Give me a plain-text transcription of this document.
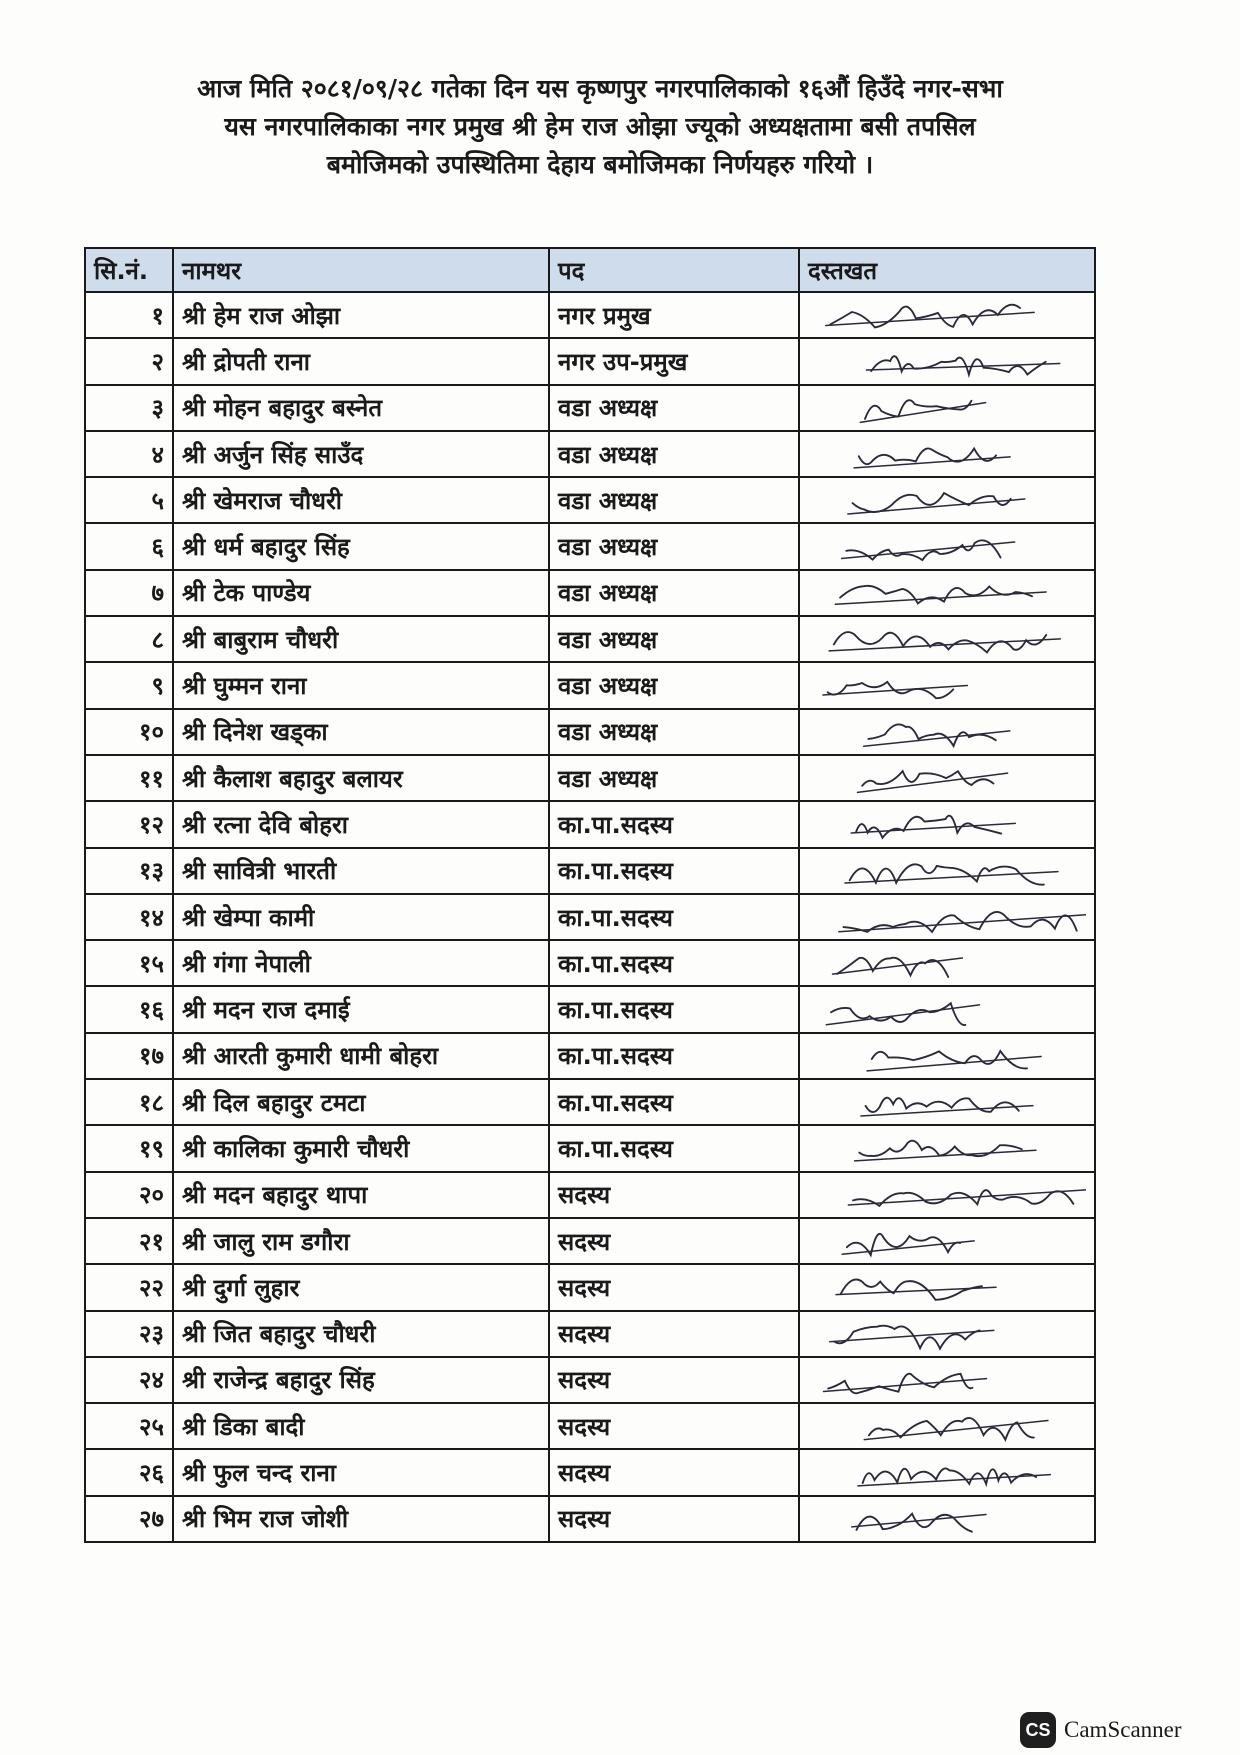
आज मिति २०८१/०९/२८ गतेका दिन यस कृष्णपुर नगरपालिकाको १६औं हिउँदे नगर-सभा
यस नगरपालिकाका नगर प्रमुख श्री हेम राज ओझा ज्यूको अध्यक्षतामा बसी तपसिल
बमोजिमको उपस्थितिमा देहाय बमोजिमका निर्णयहरु गरियो ।
सि.नं.	नामथर	पद	दस्तखत
१	श्री हेम राज ओझा	नगर प्रमुख	

२	श्री द्रोपती राना	नगर उप-प्रमुख	

३	श्री मोहन बहादुर बस्नेत	वडा अध्यक्ष	

४	श्री अर्जुन सिंह साउँद	वडा अध्यक्ष	

५	श्री खेमराज चौधरी	वडा अध्यक्ष	

६	श्री धर्म बहादुर सिंह	वडा अध्यक्ष	

७	श्री टेक पाण्डेय	वडा अध्यक्ष	

८	श्री बाबुराम चौधरी	वडा अध्यक्ष	

९	श्री घुम्मन राना	वडा अध्यक्ष	

१०	श्री दिनेश खड्का	वडा अध्यक्ष	

११	श्री कैलाश बहादुर बलायर	वडा अध्यक्ष	

१२	श्री रत्ना देवि बोहरा	का.पा.सदस्य	

१३	श्री सावित्री भारती	का.पा.सदस्य	

१४	श्री खेम्पा कामी	का.पा.सदस्य	

१५	श्री गंगा नेपाली	का.पा.सदस्य	

१६	श्री मदन राज दमाई	का.पा.सदस्य	

१७	श्री आरती कुमारी धामी बोहरा	का.पा.सदस्य	

१८	श्री दिल बहादुर टमटा	का.पा.सदस्य	

१९	श्री कालिका कुमारी चौधरी	का.पा.सदस्य	

२०	श्री मदन बहादुर थापा	सदस्य	

२१	श्री जालु राम डगौरा	सदस्य	

२२	श्री दुर्गा लुहार	सदस्य	

२३	श्री जित बहादुर चौधरी	सदस्य	

२४	श्री राजेन्द्र बहादुर सिंह	सदस्य	

२५	श्री डिका बादी	सदस्य	

२६	श्री फुल चन्द राना	सदस्य	

२७	श्री भिम राज जोशी	सदस्य	
CS CamScanner
